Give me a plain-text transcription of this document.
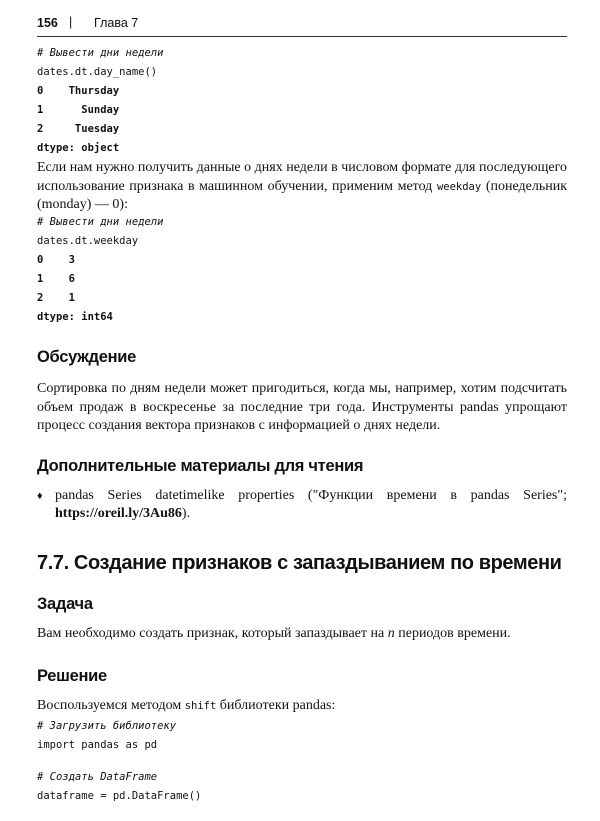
156 | Глава 7
# Вывести дни недели
dates.dt.day_name()
0    Thursday
1      Sunday
2     Tuesday
dtype: object
Если нам нужно получить данные о днях недели в числовом формате для последующего использование признака в машинном обучении, применим метод weekday (понедельник (monday) — 0):
# Вывести дни недели
dates.dt.weekday
0    3
1    6
2    1
dtype: int64
Обсуждение
Сортировка по дням недели может пригодиться, когда мы, например, хотим подсчитать объем продаж в воскресенье за последние три года. Инструменты pandas упрощают процесс создания вектора признаков с информацией о днях недели.
Дополнительные материалы для чтения
♦ pandas Series datetimelike properties ("Функции времени в pandas Series"; https://oreil.ly/3Au86).
7.7. Создание признаков с запаздыванием по времени
Задача
Вам необходимо создать признак, который запаздывает на n периодов времени.
Решение
Воспользуемся методом shift библиотеки pandas:
# Загрузить библиотеку
import pandas as pd
# Создать DataFrame
dataframe = pd.DataFrame()
